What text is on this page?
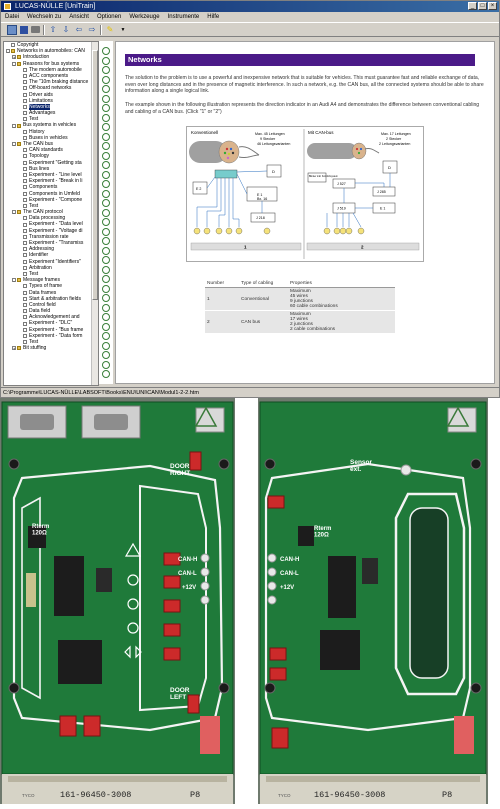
LUCAS-NÜLLE [UniTrain]	_	□	×
Datei Wechseln zu Ansicht Optionen Werkzeuge Instrumente Hilfe
⇧ ⇩ ⇦ ⇨ ✎	▼
Copyright
- Networks in automobiles: CAN
+ Introduction
- Reasons for bus systems
The modern automobile
ACC components
The "10m braking distance
Off-board networks
Driver aids
Limitations
Networks
Advantages
Test
- Bus systems in vehicles
History
Buses in vehicles
- The CAN bus
CAN standards
Topology
Experiment "Getting sta
Bus lines
Experiment - "Line level
Experiment - "Break in li
Components
Components in Umfeld
Experiment - "Compone
Test
- The CAN protocol
Data processing
Experiment - "Data level
Experiment - "Voltage di
Transmission rate
Experiment - "Transmiss
Addressing
Identifier
Experiment "Identifiers"
Arbitration
Test
- Message frames
Types of frame
Data frames
Start & arbitration fields
Control field
Data field
Acknowledgement and
Experiment - "DLC"
Experiment - "Bus frame
Experiment - "Data form
Test
+ Bit stuffing
Networks
The solution to the problem is to use a powerful and inexpensive network that is suitable for vehicles. This must guarantee fast and reliable exchange of data, even over long distances and in the presence of magnetic interference. In such a network, e.g. the CAN bus, all the connected systems should be able to share information along a single logical link.
The example shown in the following illustration represents the direction indicator in an Audi A4 and demonstrates the difference between conventional cabling and cabling of a CAN bus. (Click "1" or "2")
Konventionell	Max. 45 Leitungen
9 Stecker
46 Leitungsvarianten
D
E 2
E 1 Bx. 16
J 218
1
Mit CAN-bus	Max. 17 Leitungen
2 Stecker
2 Leitungsvarianten
D
Blinker inkl. Komfortsystem
J 527
J 285
J 519	E 1
2
Number	Type of cabling	Properties
1	Conventional	Maximum
45 wires
9 junctions
60 cable combinations

2	CAN bus	Maximum
17 wires
2 junctions
2 cable combinations
C:\Programme\LUCAS-NÜLLE\LABSOFT\Books\ENU\UNI\CAN\Modul1-2-2.htm
DOOR RIGHT
DOOR LEFT
Rterm 120Ω
CAN-H
CAN-L
+12V
161-96450-3008	P8
TYCO
Sensor ext.
Rterm 120Ω
CAN-H
CAN-L
+12V
161-96450-3008	P8
TYCO
